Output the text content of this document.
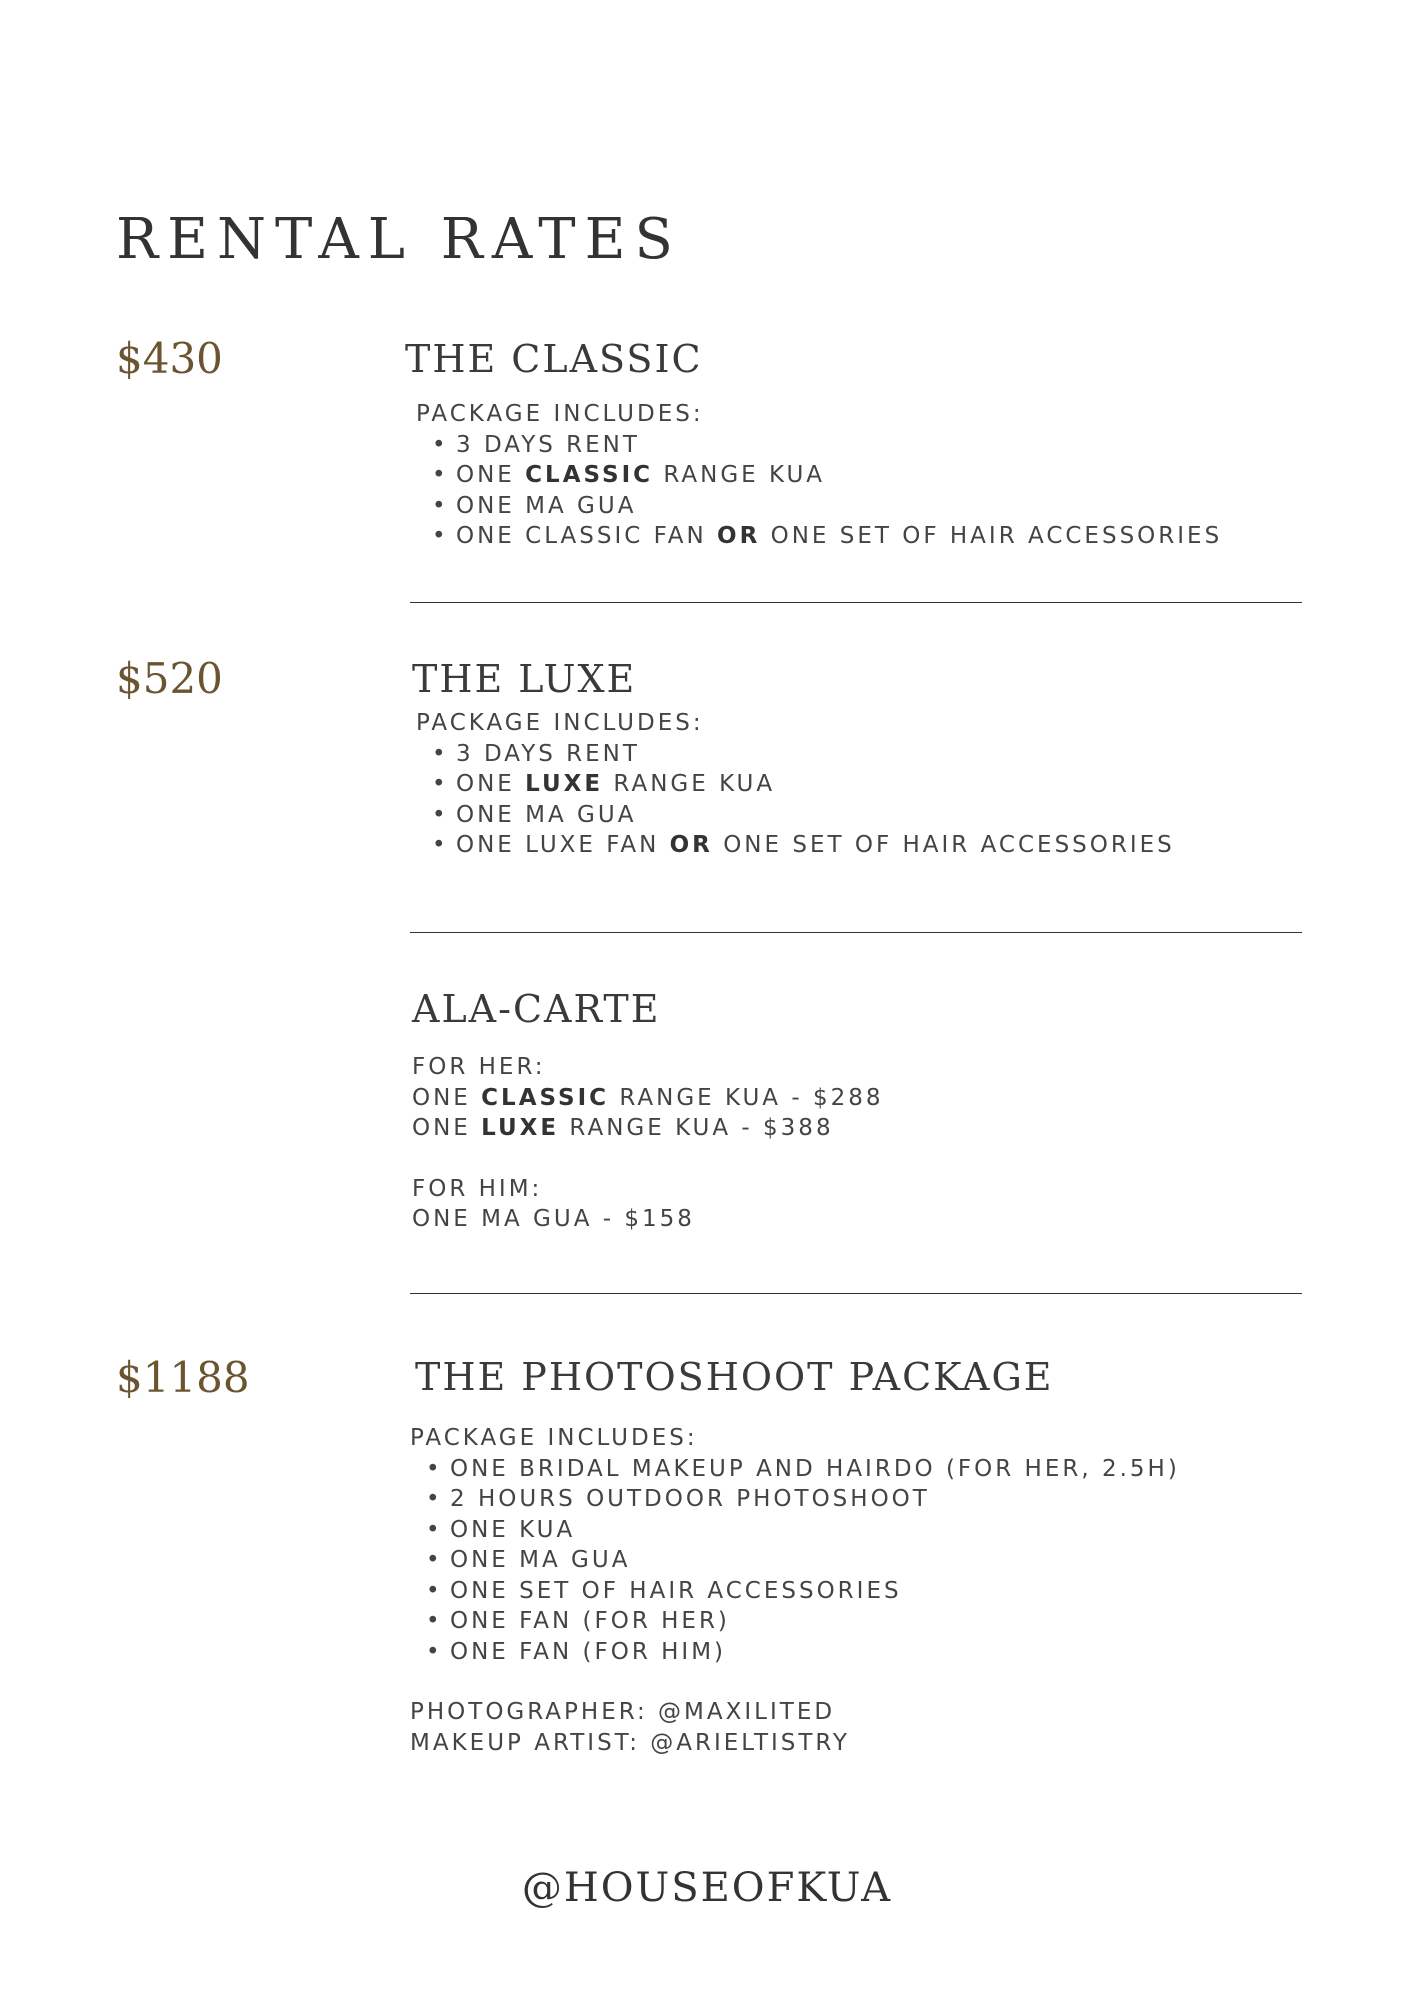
RENTAL RATES
$430	THE CLASSIC
PACKAGE INCLUDES:
• 3 DAYS RENT
• ONE CLASSIC RANGE KUA
• ONE MA GUA
• ONE CLASSIC FAN OR ONE SET OF HAIR ACCESSORIES
$520	THE LUXE
PACKAGE INCLUDES:
• 3 DAYS RENT
• ONE LUXE RANGE KUA
• ONE MA GUA
• ONE LUXE FAN OR ONE SET OF HAIR ACCESSORIES
ALA-CARTE
FOR HER:
ONE CLASSIC RANGE KUA - $288
ONE LUXE RANGE KUA - $388
FOR HIM:
ONE MA GUA - $158
$1188	THE PHOTOSHOOT PACKAGE
PACKAGE INCLUDES:
• ONE BRIDAL MAKEUP AND HAIRDO (FOR HER, 2.5H)
• 2 HOURS OUTDOOR PHOTOSHOOT
• ONE KUA
• ONE MA GUA
• ONE SET OF HAIR ACCESSORIES
• ONE FAN (FOR HER)
• ONE FAN (FOR HIM)
PHOTOGRAPHER: @MAXILITED
MAKEUP ARTIST: @ARIELTISTRY
@HOUSEOFKUA
